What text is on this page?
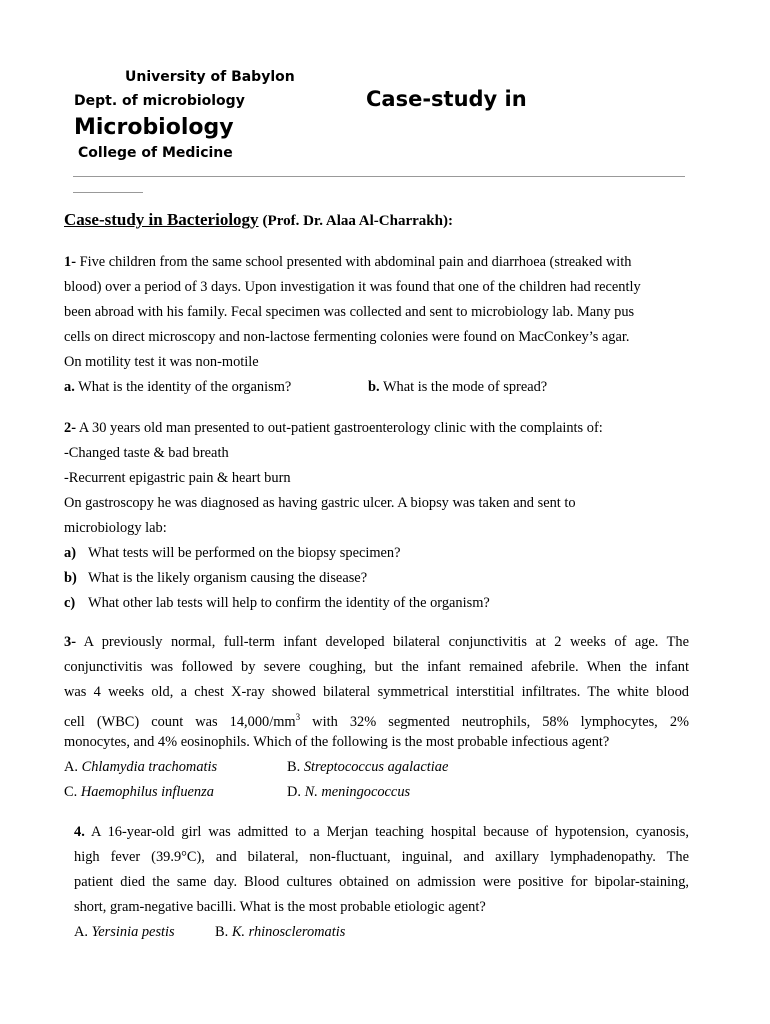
University of Babylon
Dept. of microbiology	Case-study in
Microbiology
College of Medicine
Case-study in Bacteriology (Prof. Dr. Alaa Al-Charrakh):
1- Five children from the same school presented with abdominal pain and diarrhoea (streaked with
blood) over a period of 3 days. Upon investigation it was found that one of the children had recently
been abroad with his family. Fecal specimen was collected and sent to microbiology lab. Many pus
cells on direct microscopy and non-lactose fermenting colonies were found on MacConkey’s agar.
On motility test it was non-motile
a. What is the identity of the organism?	b. What is the mode of spread?
2- A 30 years old man presented to out-patient gastroenterology clinic with the complaints of:
-Changed taste & bad breath
-Recurrent epigastric pain & heart burn
On gastroscopy he was diagnosed as having gastric ulcer. A biopsy was taken and sent to
microbiology lab:
a) What tests will be performed on the biopsy specimen?
b) What is the likely organism causing the disease?
c) What other lab tests will help to confirm the identity of the organism?
3- A previously normal, full-term infant developed bilateral conjunctivitis at 2 weeks of age. The
conjunctivitis was followed by severe coughing, but the infant remained afebrile. When the infant
was 4 weeks old, a chest X-ray showed bilateral symmetrical interstitial infiltrates. The white blood
cell (WBC) count was $14,000/mm^3$ with 32% segmented neutrophils, 58% lymphocytes, 2%
monocytes, and 4% eosinophils. Which of the following is the most probable infectious agent?
A. Chlamydia trachomatis	B. Streptococcus agalactiae
C. Haemophilus influenza	D. N. meningococcus
4. A 16-year-old girl was admitted to a Merjan teaching hospital because of hypotension, cyanosis,
high fever (39.9°C), and bilateral, non-fluctuant, inguinal, and axillary lymphadenopathy. The
patient died the same day. Blood cultures obtained on admission were positive for bipolar-staining,
short, gram-negative bacilli. What is the most probable etiologic agent?
A. Yersinia pestis	B. K. rhinoscleromatis
